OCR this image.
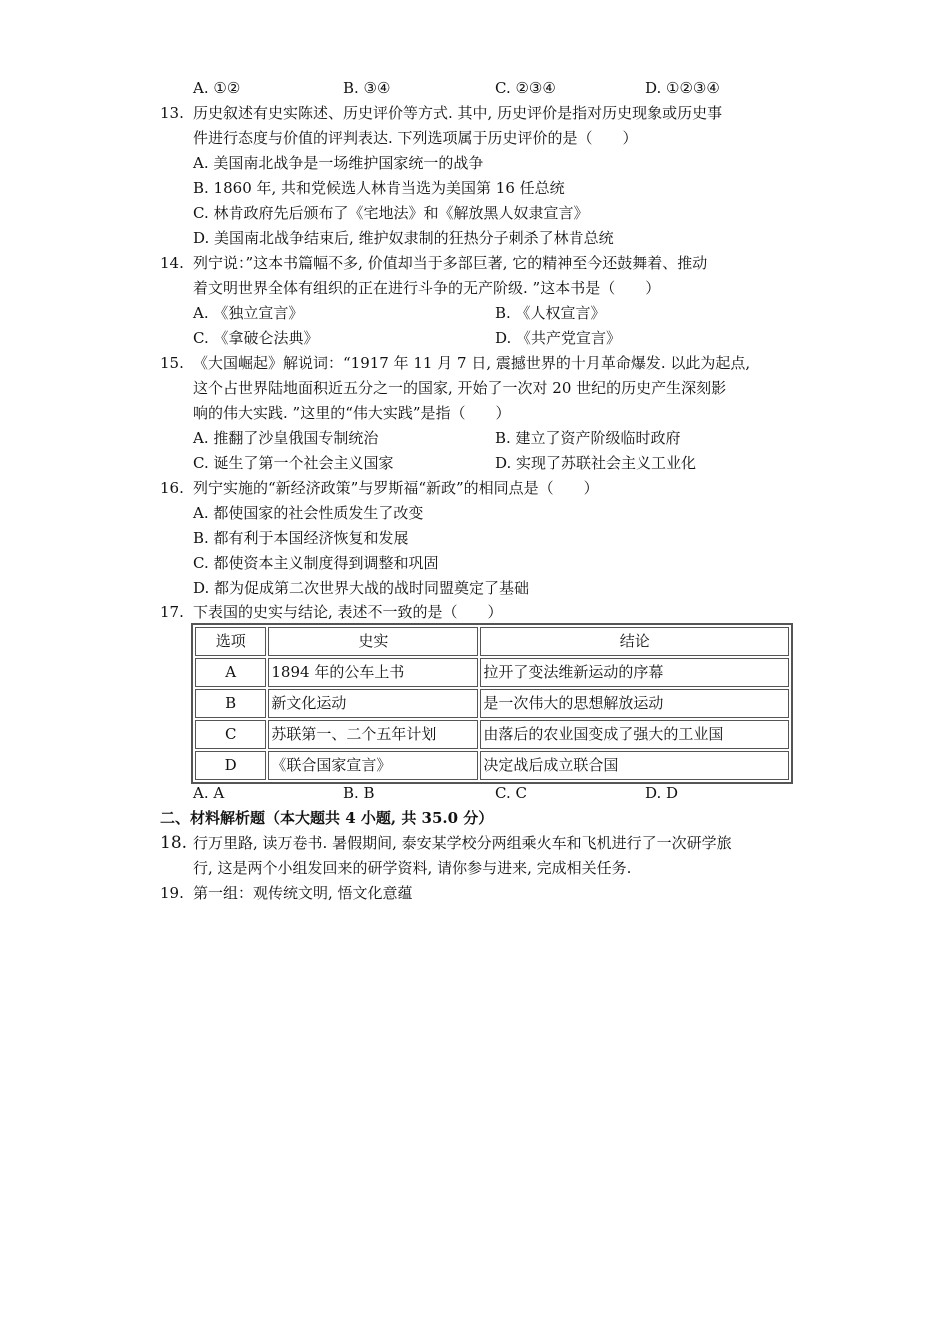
A. ①②	B. ③④	C. ②③④	D. ①②③④
13. 历史叙述有史实陈述、历史评价等方式. 其中, 历史评价是指对历史现象或历史事
件进行态度与价值的评判表达. 下列选项属于历史评价的是（　　）
A. 美国南北战争是一场维护国家统一的战争
B. 1860 年, 共和党候选人林肯当选为美国第 16 任总统
C. 林肯政府先后颁布了《宅地法》和《解放黑人奴隶宣言》
D. 美国南北战争结束后, 维护奴隶制的狂热分子刺杀了林肯总统
14. 列宁说：”这本书篇幅不多, 价值却当于多部巨著, 它的精神至今还鼓舞着、推动
着文明世界全体有组织的正在进行斗争的无产阶级. ”这本书是（　　）
A. 《独立宣言》	B. 《人权宣言》
C. 《拿破仑法典》	D. 《共产党宣言》
15. 《大国崛起》解说词：“1917 年 11 月 7 日, 震撼世界的十月革命爆发. 以此为起点,
这个占世界陆地面积近五分之一的国家, 开始了一次对 20 世纪的历史产生深刻影
响的伟大实践. ”这里的“伟大实践”是指（　　）
A. 推翻了沙皇俄国专制统治	B. 建立了资产阶级临时政府
C. 诞生了第一个社会主义国家	D. 实现了苏联社会主义工业化
16. 列宁实施的“新经济政策”与罗斯福“新政”的相同点是（　　）
A. 都使国家的社会性质发生了改变
B. 都有利于本国经济恢复和发展
C. 都使资本主义制度得到调整和巩固
D. 都为促成第二次世界大战的战时同盟奠定了基础
17. 下表国的史实与结论, 表述不一致的是（　　）
选项	史实	结论
A	1894 年的公车上书	拉开了变法维新运动的序幕
B	新文化运动	是一次伟大的思想解放运动
C	苏联第一、二个五年计划	由落后的农业国变成了强大的工业国
D	《联合国家宣言》	决定战后成立联合国
A. A	B. B	C. C	D. D
二、材料解析题（本大题共 4 小题, 共 35.0 分）
18. 行万里路, 读万卷书. 暑假期间, 泰安某学校分两组乘火车和飞机进行了一次研学旅
行, 这是两个小组发回来的研学资料, 请你参与进来, 完成相关任务.
19. 第一组：观传统文明, 悟文化意蕴
